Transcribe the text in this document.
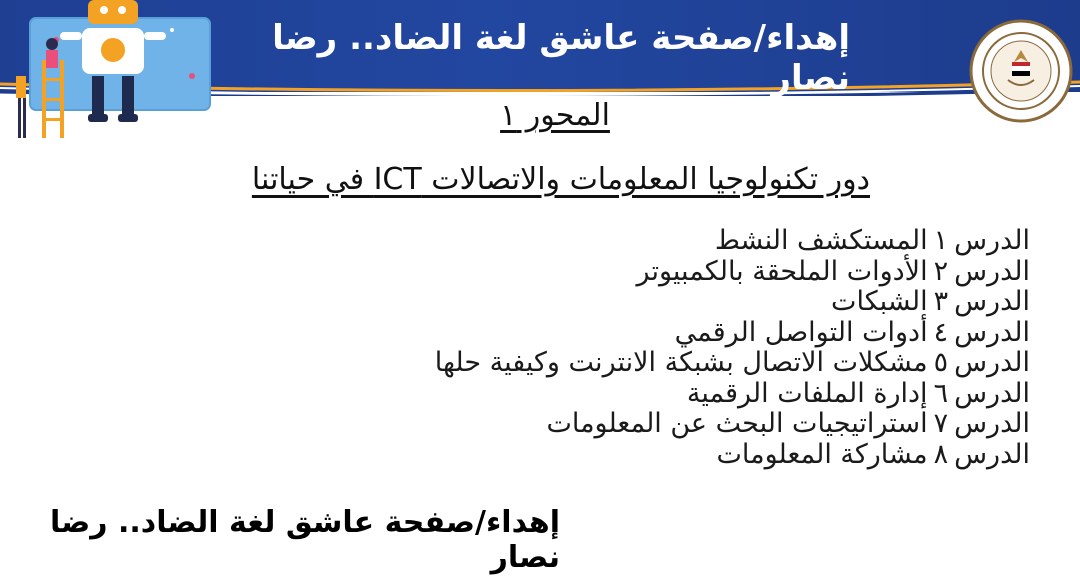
إهداء/صفحة عاشق لغة الضاد.. رضا نصار
المحور ١
دور تكنولوجيا المعلومات والاتصالات ICT في حياتنا
الدرس١المستكشف النشط
الدرس٢الأدوات الملحقة بالكمبيوتر
الدرس٣الشبكات
الدرس٤أدوات التواصل الرقمي
الدرس٥مشكلات الاتصال بشبكة الانترنت وكيفية حلها
الدرس٦إدارة الملفات الرقمية
الدرس٧استراتيجيات البحث عن المعلومات
الدرس٨مشاركة المعلومات
إهداء/صفحة عاشق لغة الضاد.. رضا نصار
